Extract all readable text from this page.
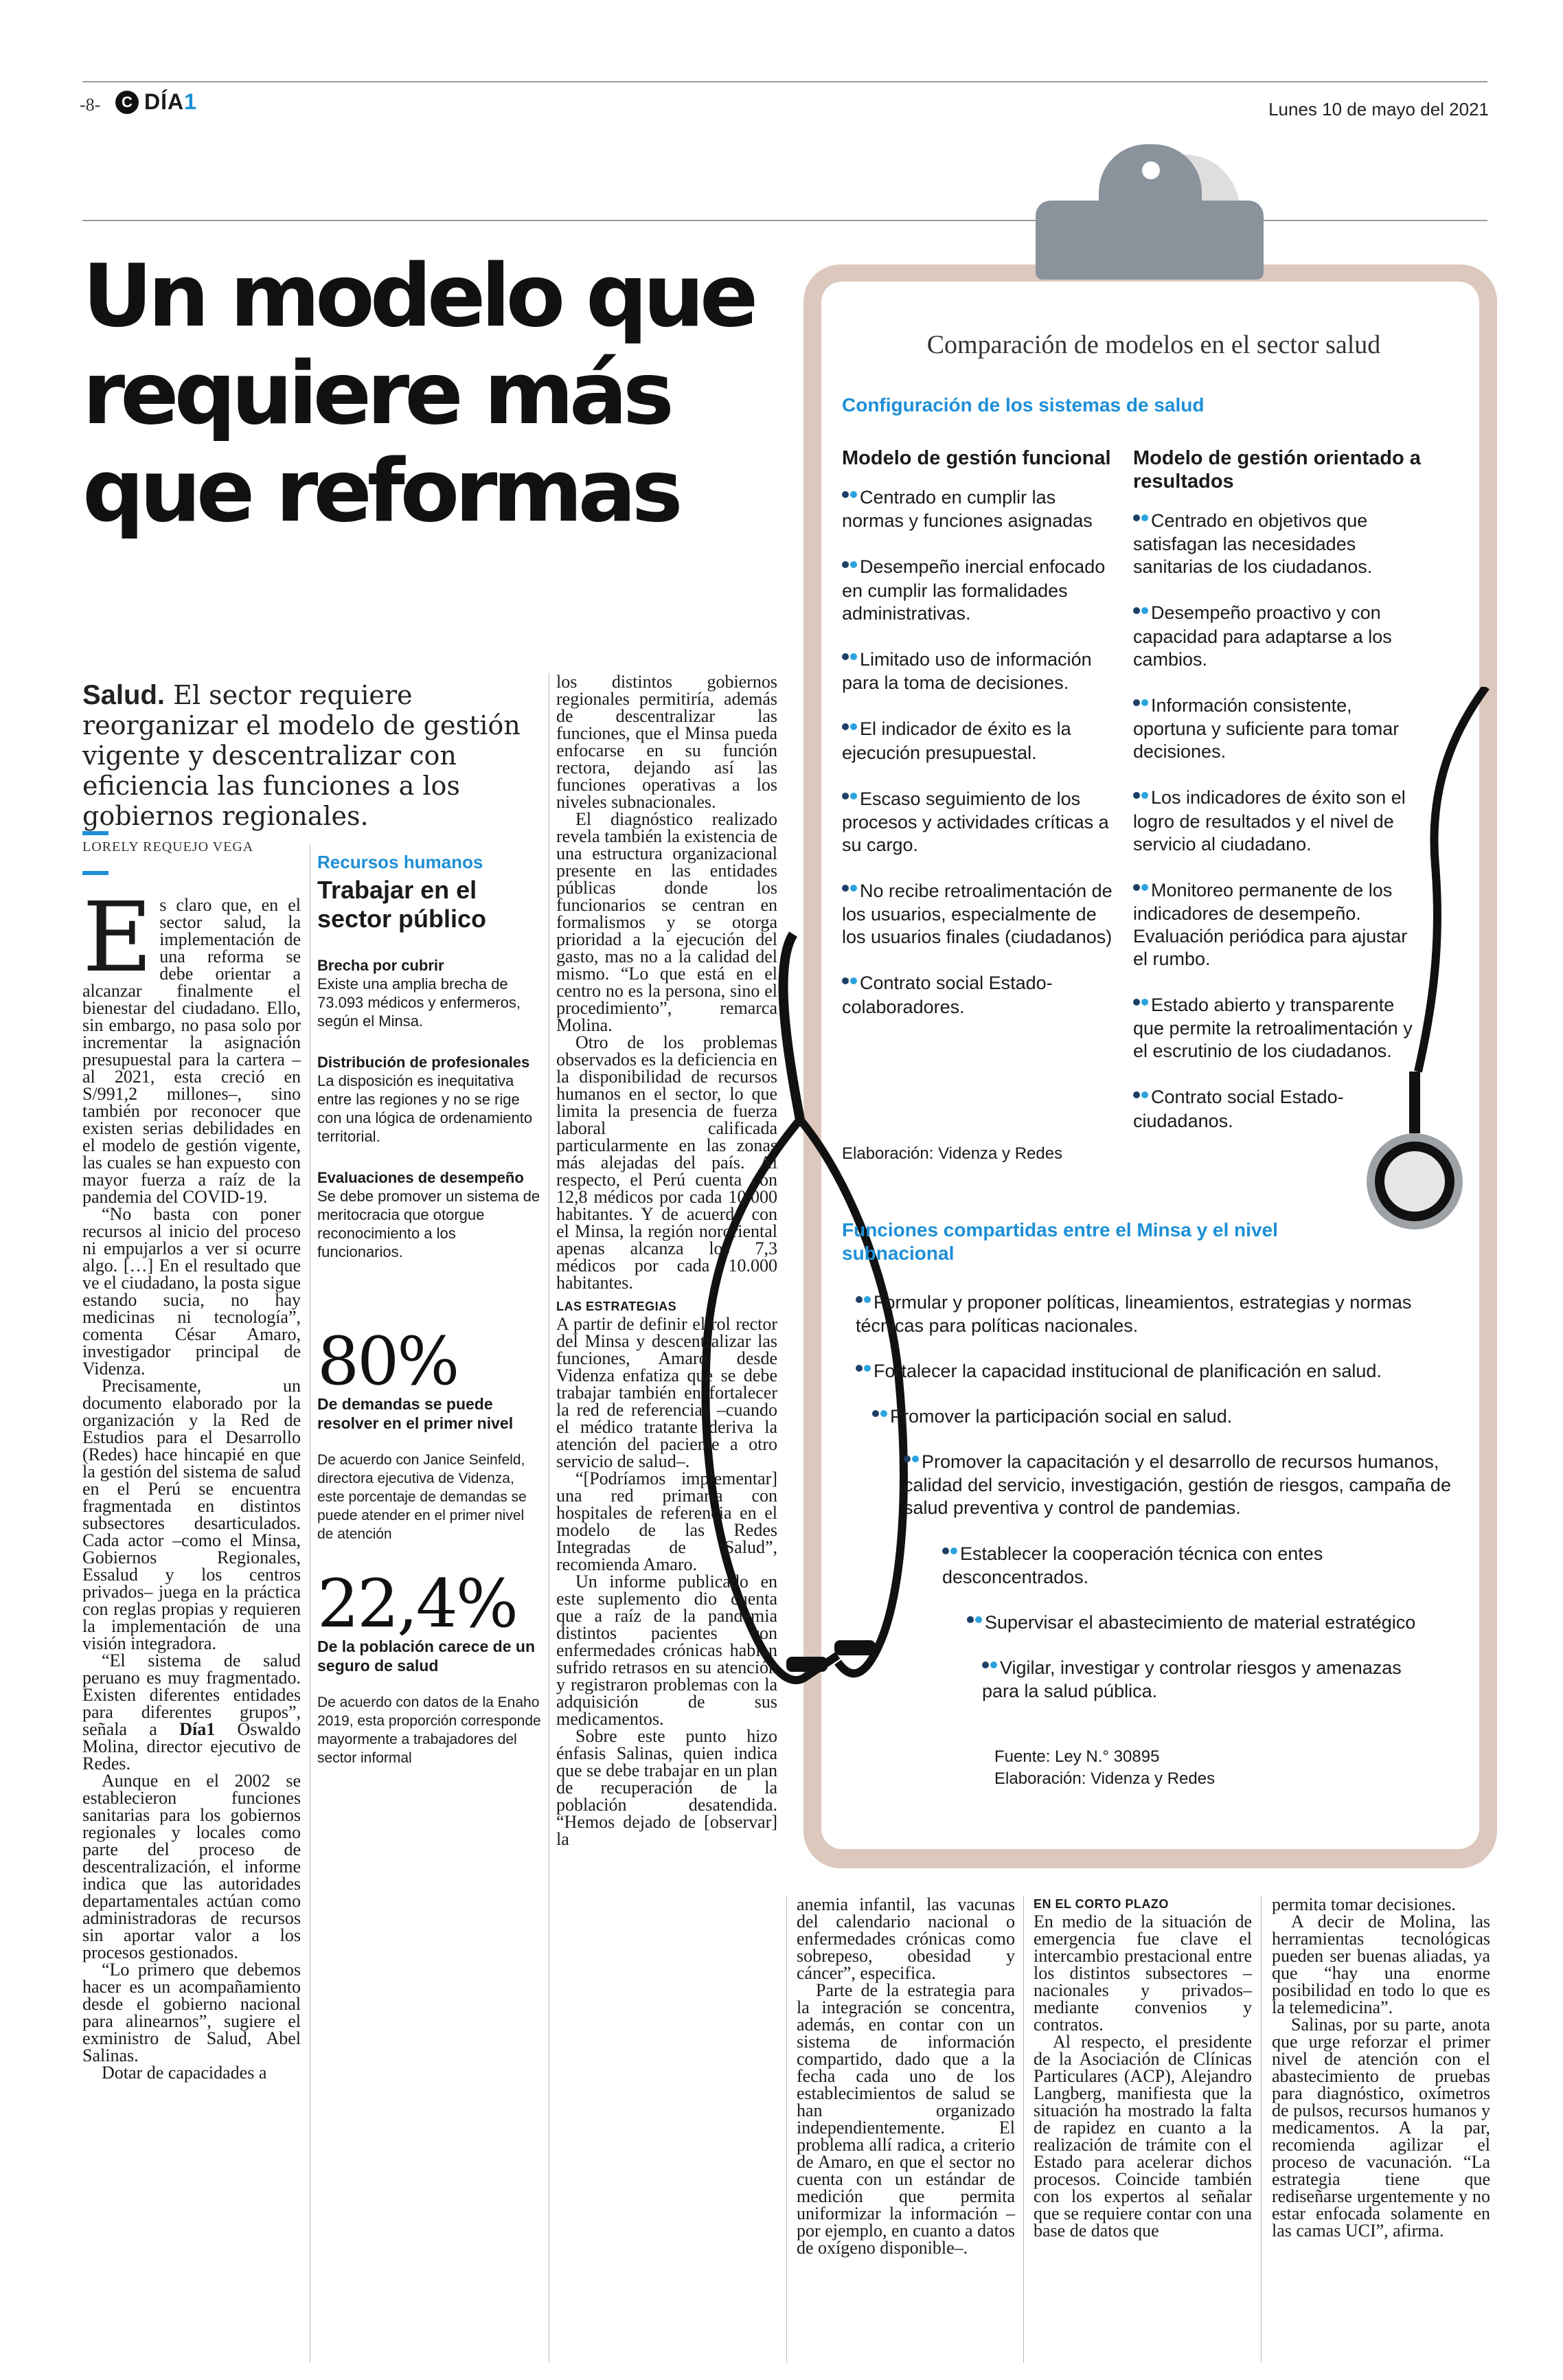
-8-	C DÍA1	Lunes 10 de mayo del 2021
Un modelo que
requiere más
que reformas
Salud. El sector requiere reorganizar el modelo de gestión vigente y descentralizar con eficiencia las funciones a los gobiernos regionales.
LORELY REQUEJO VEGA

Es claro que, en el sector salud, la implementación de una reforma se debe orientar a alcanzar finalmente el bienestar del ciudadano. Ello, sin embargo, no pasa solo por incrementar la asignación presupuestal para la cartera –al 2021, esta creció en S/991,2 millones–, sino también por reconocer que existen serias debilidades en el modelo de gestión vigente, las cuales se han expuesto con mayor fuerza a raíz de la pandemia del COVID-19.

“No basta con poner recursos al inicio del proceso ni empujarlos a ver si ocurre algo. […] En el resultado que ve el ciudadano, la posta sigue estando sucia, no hay medicinas ni tecnología”, comenta César Amaro, investigador principal de Videnza.

Precisamente, un documento elaborado por la organización y la Red de Estudios para el Desarrollo (Redes) hace hincapié en que la gestión del sistema de salud en el Perú se encuentra fragmentada en distintos subsectores desarticulados. Cada actor –como el Minsa, Gobiernos Regionales, Essalud y los centros privados– juega en la práctica con reglas propias y requieren la implementación de una visión integradora.

“El sistema de salud peruano es muy fragmentado. Existen diferentes entidades para diferentes grupos”, señala a Día1 Oswaldo Molina, director ejecutivo de Redes.

Aunque en el 2002 se establecieron funciones sanitarias para los gobiernos regionales y locales como parte del proceso de descentralización, el informe indica que las autoridades departamentales actúan como administradoras de recursos sin aportar valor a los procesos gestionados.

“Lo primero que debemos hacer es un acompañamiento desde el gobierno nacional para alinearnos”, sugiere el exministro de Salud, Abel Salinas.

Dotar de capacidades a

Recursos humanos
Trabajar en el sector público
Brecha por cubrir
Existe una amplia brecha de 73.093 médicos y enfermeros, según el Minsa.
Distribución de profesionales
La disposición es inequitativa entre las regiones y no se rige con una lógica de ordenamiento territorial.
Evaluaciones de desempeño
Se debe promover un sistema de meritocracia que otorgue reconocimiento a los funcionarios.
80%
De demandas se puede resolver en el primer nivel
De acuerdo con Janice Seinfeld, directora ejecutiva de Videnza, este porcentaje de demandas se puede atender en el primer nivel de atención
22,4%
De la población carece de un seguro de salud
De acuerdo con datos de la Enaho 2019, esta proporción corresponde mayormente a trabajadores del sector informal
Comparación de modelos en el sector salud
Configuración de los sistemas de salud
Modelo de gestión funcional
Centrado en cumplir las normas y funciones asignadas
Desempeño inercial enfocado en cumplir las formalidades administrativas.
Limitado uso de información para la toma de decisiones.
El indicador de éxito es la ejecución presupuestal.
Escaso seguimiento de los procesos y actividades críticas a su cargo.
No recibe retroalimentación de los usuarios, especialmente de los usuarios finales (ciudadanos)
Contrato social Estado-colaboradores.
Elaboración: Videnza y Redes
Modelo de gestión orientado a resultados
Centrado en objetivos que satisfagan las necesidades sanitarias de los ciudadanos.
Desempeño proactivo y con capacidad para adaptarse a los cambios.
Información consistente, oportuna y suficiente para tomar decisiones.
Los indicadores de éxito son el logro de resultados y el nivel de servicio al ciudadano.
Monitoreo permanente de los indicadores de desempeño. Evaluación periódica para ajustar el rumbo.
Estado abierto y transparente que permite la retroalimentación y el escrutinio de los ciudadanos.
Contrato social Estado-ciudadanos.
Funciones compartidas entre el Minsa y el nivel subnacional
Formular y proponer políticas, lineamientos, estrategias y normas técnicas para políticas nacionales.
Fortalecer la capacidad institucional de planificación en salud.
Promover la participación social en salud.
Promover la capacitación y el desarrollo de recursos humanos, calidad del servicio, investigación, gestión de riesgos, campaña de salud preventiva y control de pandemias.
Establecer la cooperación técnica con entes desconcentrados.
Supervisar el abastecimiento de material estratégico
Vigilar, investigar y controlar riesgos y amenazas para la salud pública.
Fuente: Ley N.° 30895
Elaboración: Videnza y Redes

los distintos gobiernos regionales permitiría, además de descentralizar las funciones, que el Minsa pueda enfocarse en su función rectora, dejando así las funciones operativas a los niveles subnacionales.

El diagnóstico realizado revela también la existencia de una estructura organizacional presente en las entidades públicas donde los funcionarios se centran en formalismos y se otorga prioridad a la ejecución del gasto, mas no a la calidad del mismo. “Lo que está en el centro no es la persona, sino el procedimiento”, remarca Molina.

Otro de los problemas observados es la deficiencia en la disponibilidad de recursos humanos en el sector, lo que limita la presencia de fuerza laboral calificada particularmente en las zonas más alejadas del país. Al respecto, el Perú cuenta con 12,8 médicos por cada 10.000 habitantes. Y de acuerdo con el Minsa, la región nororiental apenas alcanza los 7,3 médicos por cada 10.000 habitantes.

LAS ESTRATEGIAS

A partir de definir el rol rector del Minsa y descentralizar las funciones, Amaro desde Videnza enfatiza que se debe trabajar también en fortalecer la red de referencias –cuando el médico tratante deriva la atención del paciente a otro servicio de salud–.

“[Podríamos implementar] una red primaria con hospitales de referencia en el modelo de las Redes Integradas de Salud”, recomienda Amaro.

Un informe publicado en este suplemento dio cuenta que a raíz de la pandemia distintos pacientes con enfermedades crónicas habían sufrido retrasos en su atención y registraron problemas con la adquisición de sus medicamentos.

Sobre este punto hizo énfasis Salinas, quien indica que se debe trabajar en un plan de recuperación de la población desatendida. “Hemos dejado de [observar] la

anemia infantil, las vacunas del calendario nacional o enfermedades crónicas como sobrepeso, obesidad y cáncer”, especifica.

Parte de la estrategia para la integración se concentra, además, en contar con un sistema de información compartido, dado que a la fecha cada uno de los establecimientos de salud se han organizado independientemente. El problema allí radica, a criterio de Amaro, en que el sector no cuenta con un estándar de medición que permita uniformizar la información –por ejemplo, en cuanto a datos de oxígeno disponible–.

EN EL CORTO PLAZO

En medio de la situación de emergencia fue clave el intercambio prestacional entre los distintos subsectores –nacionales y privados– mediante convenios y contratos.

Al respecto, el presidente de la Asociación de Clínicas Particulares (ACP), Alejandro Langberg, manifiesta que la situación ha mostrado la falta de rapidez en cuanto a la realización de trámite con el Estado para acelerar dichos procesos. Coincide también con los expertos al señalar que se requiere contar con una base de datos que

permita tomar decisiones.

A decir de Molina, las herramientas tecnológicas pueden ser buenas aliadas, ya que “hay una enorme posibilidad en todo lo que es la telemedicina”.

Salinas, por su parte, anota que urge reforzar el primer nivel de atención con el abastecimiento de pruebas para diagnóstico, oxímetros de pulsos, recursos humanos y medicamentos. A la par, recomienda agilizar el proceso de vacunación. “La estrategia tiene que rediseñarse urgentemente y no estar enfocada solamente en las camas UCI”, afirma.
